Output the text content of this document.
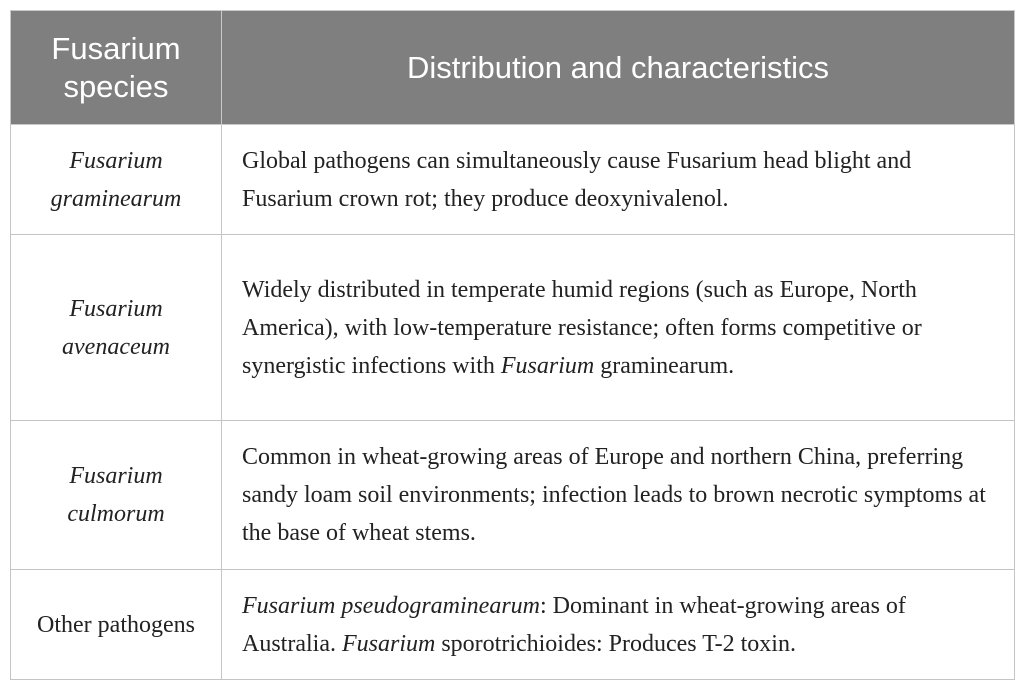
Fusarium species	Distribution and characteristics
Fusarium graminearum	Global pathogens can simultaneously cause Fusarium head blight and Fusarium crown rot; they produce deoxynivalenol.
Fusarium avenaceum	Widely distributed in temperate humid regions (such as Europe, North America), with low-temperature resistance; often forms competitive or synergistic infections with Fusarium graminearum.
Fusarium culmorum	Common in wheat-growing areas of Europe and northern China, preferring sandy loam soil environments; infection leads to brown necrotic symptoms at the base of wheat stems.
Other pathogens	Fusarium pseudograminearum: Dominant in wheat-growing areas of Australia. Fusarium sporotrichioides: Produces T-2 toxin.
